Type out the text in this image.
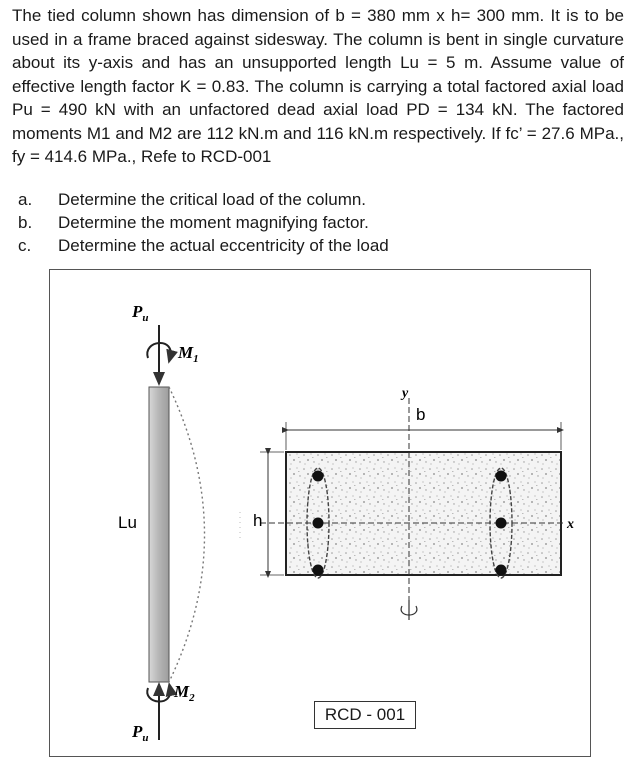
The tied column shown has dimension of b = 380 mm x h= 300 mm. It is to be used in a frame braced against sidesway. The column is bent in single curvature about its y-axis and has an unsupported length Lu = 5 m. Assume value of effective length factor K = 0.83. The column is carrying a total factored axial load Pu = 490 kN with an unfactored dead axial load PD = 134 kN. The factored moments M1 and M2 are 112 kN.m and 116 kN.m respectively. If fc’ = 27.6 MPa., fy = 414.6 MPa., Refe to RCD-001

a.	Determine the critical load of the column.
b.	Determine the moment magnifying factor.
c.	Determine the actual eccentricity of the load
$P_u$
$M_1$
$M_2$
$P_u$
Lu	h
b
y
x
RCD - 001
